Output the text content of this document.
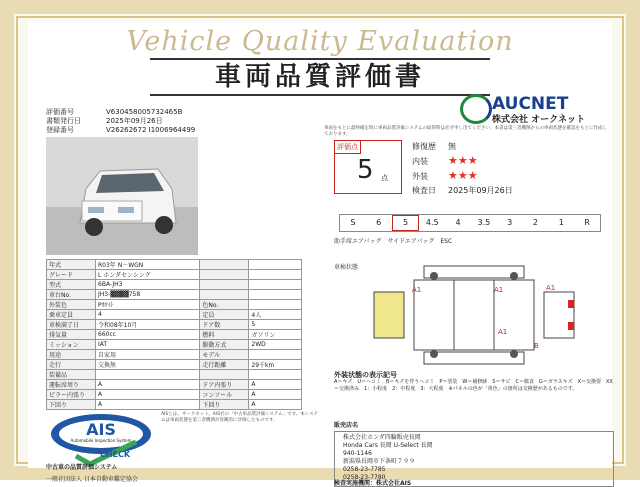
Vehicle Quality Evaluation
車両品質評価書
評価番号	V630458005732465B
書類発行日	2025年09月26日
登録番号	V26262672 I1006964499
AUCNET
株式会社 オークネット
車両をもとに最終確定時に車両品質評価システムの取得時は必ず申し出てください。本書は第三者機関からの車両状態を確認をもとに作成しております。
年式	R03年 N－WGN		
グレード	L ホンダセンシング		
型式	6BA-JH3		
車台No.	JH3-▓▓▓▓758		
外装色	Pﾎﾜｲﾄ	色No.	
乗車定員	4	定員	4人
車検満了日	令和08年10月	ドア数	5
排気量	660cc	燃料	ガソリン
ミッション	IAT	駆動方式	2WD
用途	自家用	モデル	
走行	交換無	走行距離	29千km
装備品			
運転席周り	A	ドア内張り	A
ピラー内張り	A	コンソール	A
下回り	A	下回り	A
評価点
5 点
修復歴 無
内装 ★★★
外装 ★★★
検査日 2025年09月26日
S	6	5	4.5	4	3.5	3	2	1	R
助手席エアバッグ　サイドエアバッグ　ESC
車検状態
A1	A1
A1
A1
B
外装状態の表示記号
A＝キズ　U＝ヘコミ　B＝キズを伴うヘコミ　P＝塗装　W＝補修跡　S＝サビ　C＝腐食　G＝ガラスキズ　X＝交換要　XX＝交換済み　1：小程度　2：中程度　3：大程度　※パネルの色が「黄色」の箇所は交換歴があるものです。
AIS
Automobile Inspection System
CHECK
AISとは、オークネット、AIS社の「中古車品質評価システム」です。本システムは車両状態を第三者機関が客観的に評価したものです。
中古車の品質評価システム
一般社団法人 日本自動車鑑定協会
販売店名
株式会社ホンダ四輪販売長岡
Honda Cars 長岡 U-Select 長岡
940-1146
新潟県長岡市下条町７９９
0258-23-7785
0258-23-7780
検査実施機関：株式会社AIS
